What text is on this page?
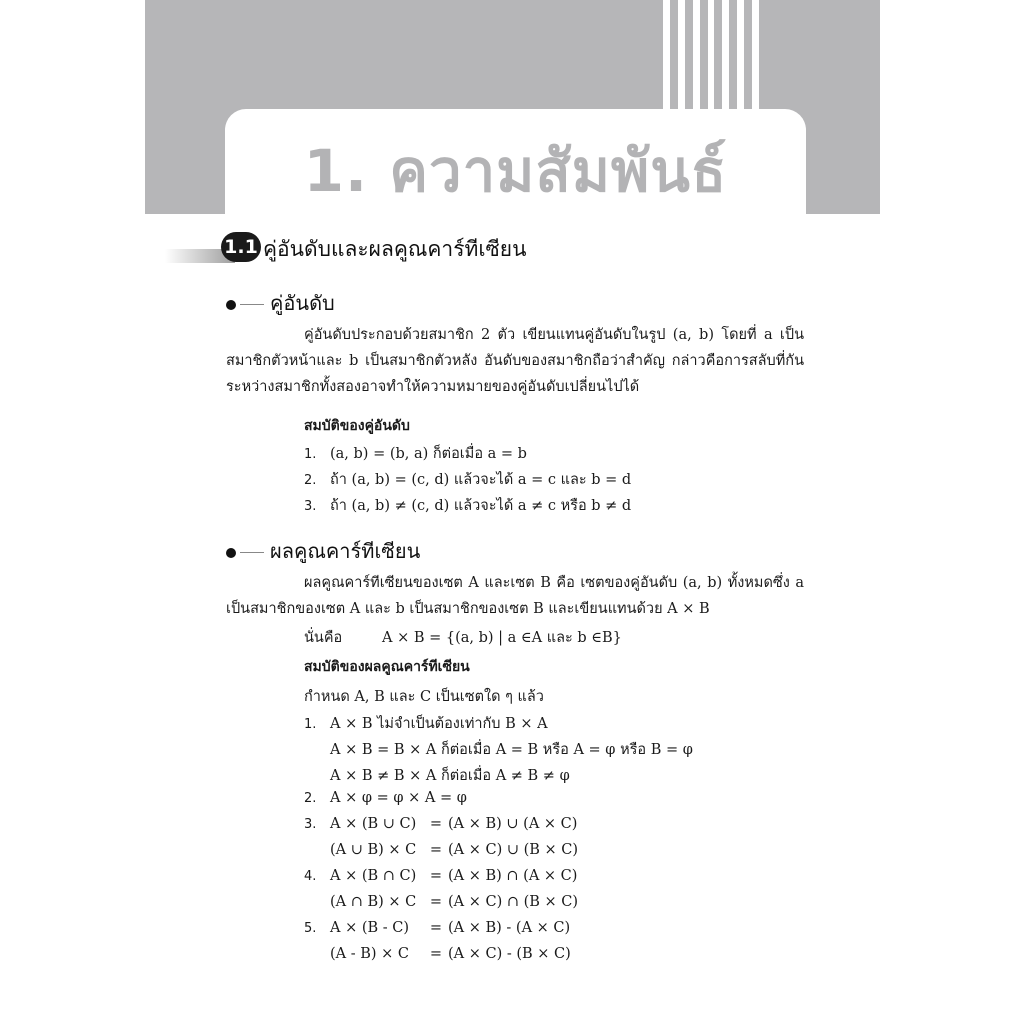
1. ความสัมพันธ์
1.1 คู่อันดับและผลคูณคาร์ทีเซียน
คู่อันดับ
คู่อันดับประกอบด้วยสมาชิก 2 ตัว เขียนแทนคู่อันดับในรูป (a, b) โดยที่ a เป็นสมาชิกตัวหน้าและ b เป็นสมาชิกตัวหลัง อันดับของสมาชิกถือว่าสำคัญ กล่าวคือการสลับที่กันระหว่างสมาชิกทั้งสองอาจทำให้ความหมายของคู่อันดับเปลี่ยนไปได้
สมบัติของคู่อันดับ
1. (a, b) = (b, a) ก็ต่อเมื่อ a = b
2. ถ้า (a, b) = (c, d) แล้วจะได้ a = c และ b = d
3. ถ้า (a, b) ≠ (c, d) แล้วจะได้ a ≠ c หรือ b ≠ d
ผลคูณคาร์ทีเซียน
ผลคูณคาร์ทีเซียนของเซต A และเซต B คือ เซตของคู่อันดับ (a, b) ทั้งหมดซึ่ง a เป็นสมาชิกของเซต A และ b เป็นสมาชิกของเซต B และเขียนแทนด้วย A × B
นั่นคือ	A × B = {(a, b) | a ∈A และ b ∈B}
สมบัติของผลคูณคาร์ทีเซียน
กำหนด A, B และ C เป็นเซตใด ๆ แล้ว
1. A × B ไม่จำเป็นต้องเท่ากับ B × A
A × B = B × A ก็ต่อเมื่อ A = B หรือ A = φ หรือ B = φ
A × B ≠ B × A ก็ต่อเมื่อ A ≠ B ≠ φ
2. A × φ = φ × A = φ
3. A × (B ∪ C) = (A × B) ∪ (A × C)
(A ∪ B) × C = (A × C) ∪ (B × C)
4. A × (B ∩ C) = (A × B) ∩ (A × C)
(A ∩ B) × C = (A × C) ∩ (B × C)
5. A × (B - C) = (A × B) - (A × C)
(A - B) × C = (A × C) - (B × C)
